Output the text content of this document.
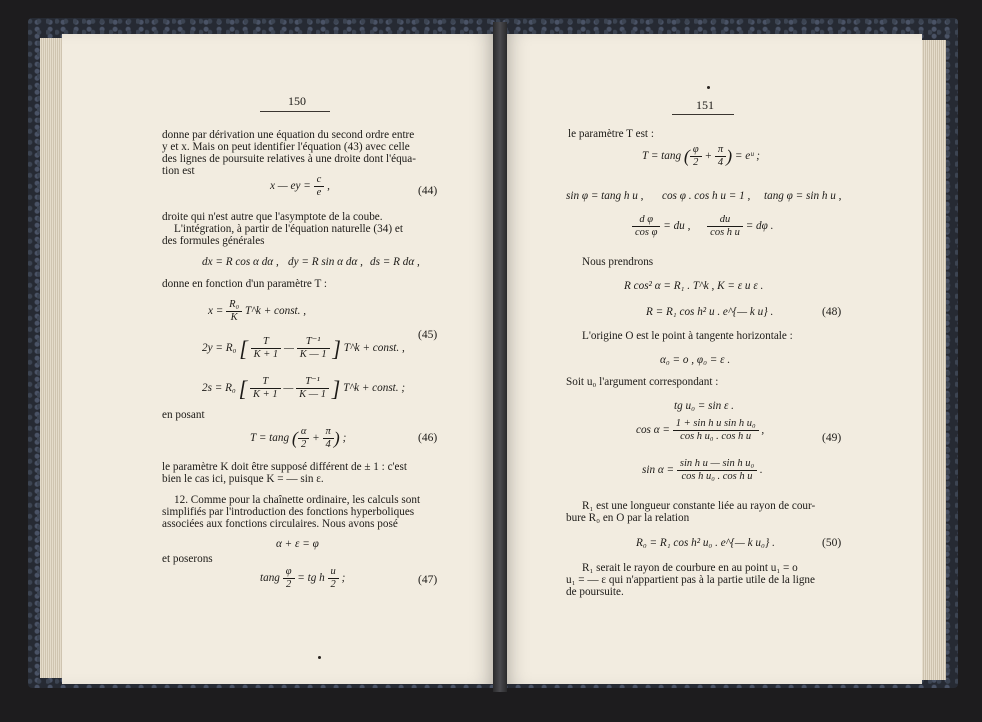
150
donne par dérivation une équation du second ordre entre
y et x. Mais on peut identifier l'équation (43) avec celle
des lignes de poursuite relatives à une droite dont l'équa-
tion est
x — ey = $\frac{c}{e}$ ,	(44)
droite qui n'est autre que l'asymptote de la coube.
L'intégration, à partir de l'équation naturelle (34) et
des formules générales
dx = R cos α dα , dy = R sin α dα , ds = R dα ,
donne en fonction d'un paramètre T :
$x = \frac{\text{R₀}}{K}$ T^k + const. ,
2y = R₀ [ $\frac{T}{K + 1}$ — $\frac{\text{T⁻¹}}{K — 1}$ ] T^k + const. ,
(45)
2s = R₀ [ $\frac{T}{K + 1}$ — $\frac{\text{T⁻¹}}{K — 1}$ ] T^k + const. ;
en posant
T = tang ( $\frac{\alpha}{2} + \frac{\pi}{4}$ ) ;	(46)
le paramètre K doit être supposé différent de ± 1 : c'est
bien le cas ici, puisque K = — sin ε.
12. Comme pour la chaînette ordinaire, les calculs sont
simplifiés par l'introduction des fonctions hyperboliques
associées aux fonctions circulaires. Nous avons posé
α + ε = φ
et poserons
tang $\frac{\varphi}{2}$ = tg h $\frac{u}{2}$ ;	(47)
151
le paramètre T est :
T = tang ( $\frac{\varphi}{2} + \frac{\pi}{4}$ ) = eᵘ ;
sin φ = tang h u , cos φ . cos h u = 1 , tang φ = sin h u ,
$\frac{\text{d φ}}{\text{cos φ}}$ = du , $\frac{du}{\text{cos h u}} = d\varphi$ .
Nous prendrons
R cos² α = R₁ . T^k , K = ε u ε .
R = R₁ cos h² u . e^{— k u} .	(48)
L'origine O est le point à tangente horizontale :
α₀ = o , φ₀ = ε .
Soit u₀ l'argument correspondant :
tg u₀ = sin ε .
$\cos \alpha = \frac{\text{1 + sin h u sin h u₀}}{\text{cos h u₀ . cos h u}}$ ,
(49)
$\sin \alpha = \frac{\text{sin h u — sin h u₀}}{\text{cos h u₀ . cos h u}}$ .
R₁ est une longueur constante liée au rayon de cour-
bure R₀ en O par la relation
R₀ = R₁ cos h² u₀ . e^{— k u₀} .	(50)
R₁ serait le rayon de courbure en au point u₁ = o
u₁ = — ε qui n'appartient pas à la partie utile de la ligne
de poursuite.
